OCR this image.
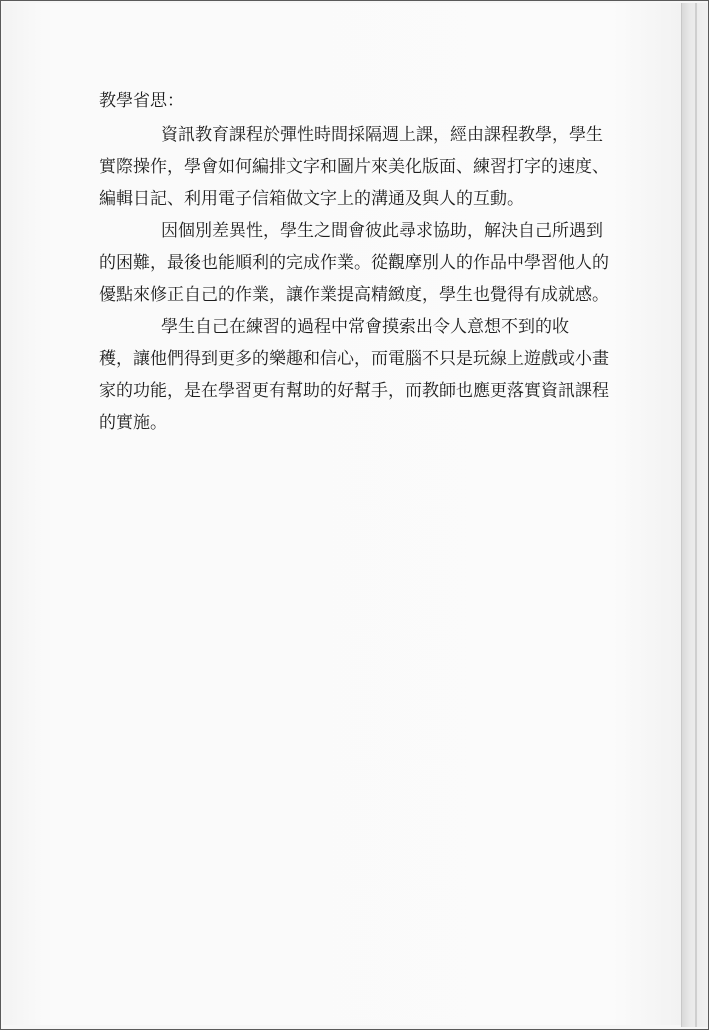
教學省思：
資訊教育課程於彈性時間採隔週上課，經由課程教學，學生
實際操作，學會如何編排文字和圖片來美化版面、練習打字的速度、
編輯日記、利用電子信箱做文字上的溝通及與人的互動。
因個別差異性，學生之間會彼此尋求協助，解決自己所遇到
的困難，最後也能順利的完成作業。從觀摩別人的作品中學習他人的
優點來修正自己的作業，讓作業提高精緻度，學生也覺得有成就感。
學生自己在練習的過程中常會摸索出令人意想不到的收
穫，讓他們得到更多的樂趣和信心，而電腦不只是玩線上遊戲或小畫
家的功能，是在學習更有幫助的好幫手，而教師也應更落實資訊課程
的實施。
